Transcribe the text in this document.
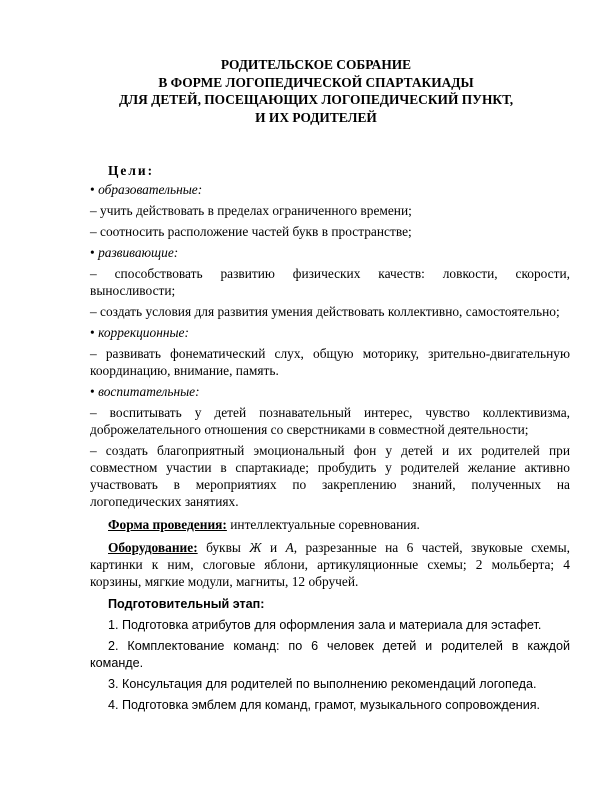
РОДИТЕЛЬСКОЕ СОБРАНИЕ
В ФОРМЕ ЛОГОПЕДИЧЕСКОЙ СПАРТАКИАДЫ
ДЛЯ ДЕТЕЙ, ПОСЕЩАЮЩИХ ЛОГОПЕДИЧЕСКИЙ ПУНКТ,
И ИХ РОДИТЕЛЕЙ
Цели:
• образовательные:
– учить действовать в пределах ограниченного времени;
– соотносить расположение частей букв в пространстве;
• развивающие:
– способствовать развитию физических качеств: ловкости, скорости, выносливости;
– создать условия для развития умения действовать коллективно, самостоятельно;
• коррекционные:
– развивать фонематический слух, общую моторику, зрительно-двигательную координацию, внимание, память.
• воспитательные:
– воспитывать у детей познавательный интерес, чувство коллективизма, доброжелательного отношения со сверстниками в совместной деятельности;
– создать благоприятный эмоциональный фон у детей и их родителей при совместном участии в спартакиаде; пробудить у родителей желание активно участвовать в мероприятиях по закреплению знаний, полученных на логопедических занятиях.
Форма проведения: интеллектуальные соревнования.
Оборудование: буквы Ж и А, разрезанные на 6 частей, звуковые схемы, картинки к ним, слоговые яблони, артикуляционные схемы; 2 мольберта; 4 корзины, мягкие модули, магниты, 12 обручей.
Подготовительный этап:
1. Подготовка атрибутов для оформления зала и материала для эстафет.
2. Комплектование команд: по 6 человек детей и родителей в каждой команде.
3. Консультация для родителей по выполнению рекомендаций логопеда.
4. Подготовка эмблем для команд, грамот, музыкального сопровождения.
